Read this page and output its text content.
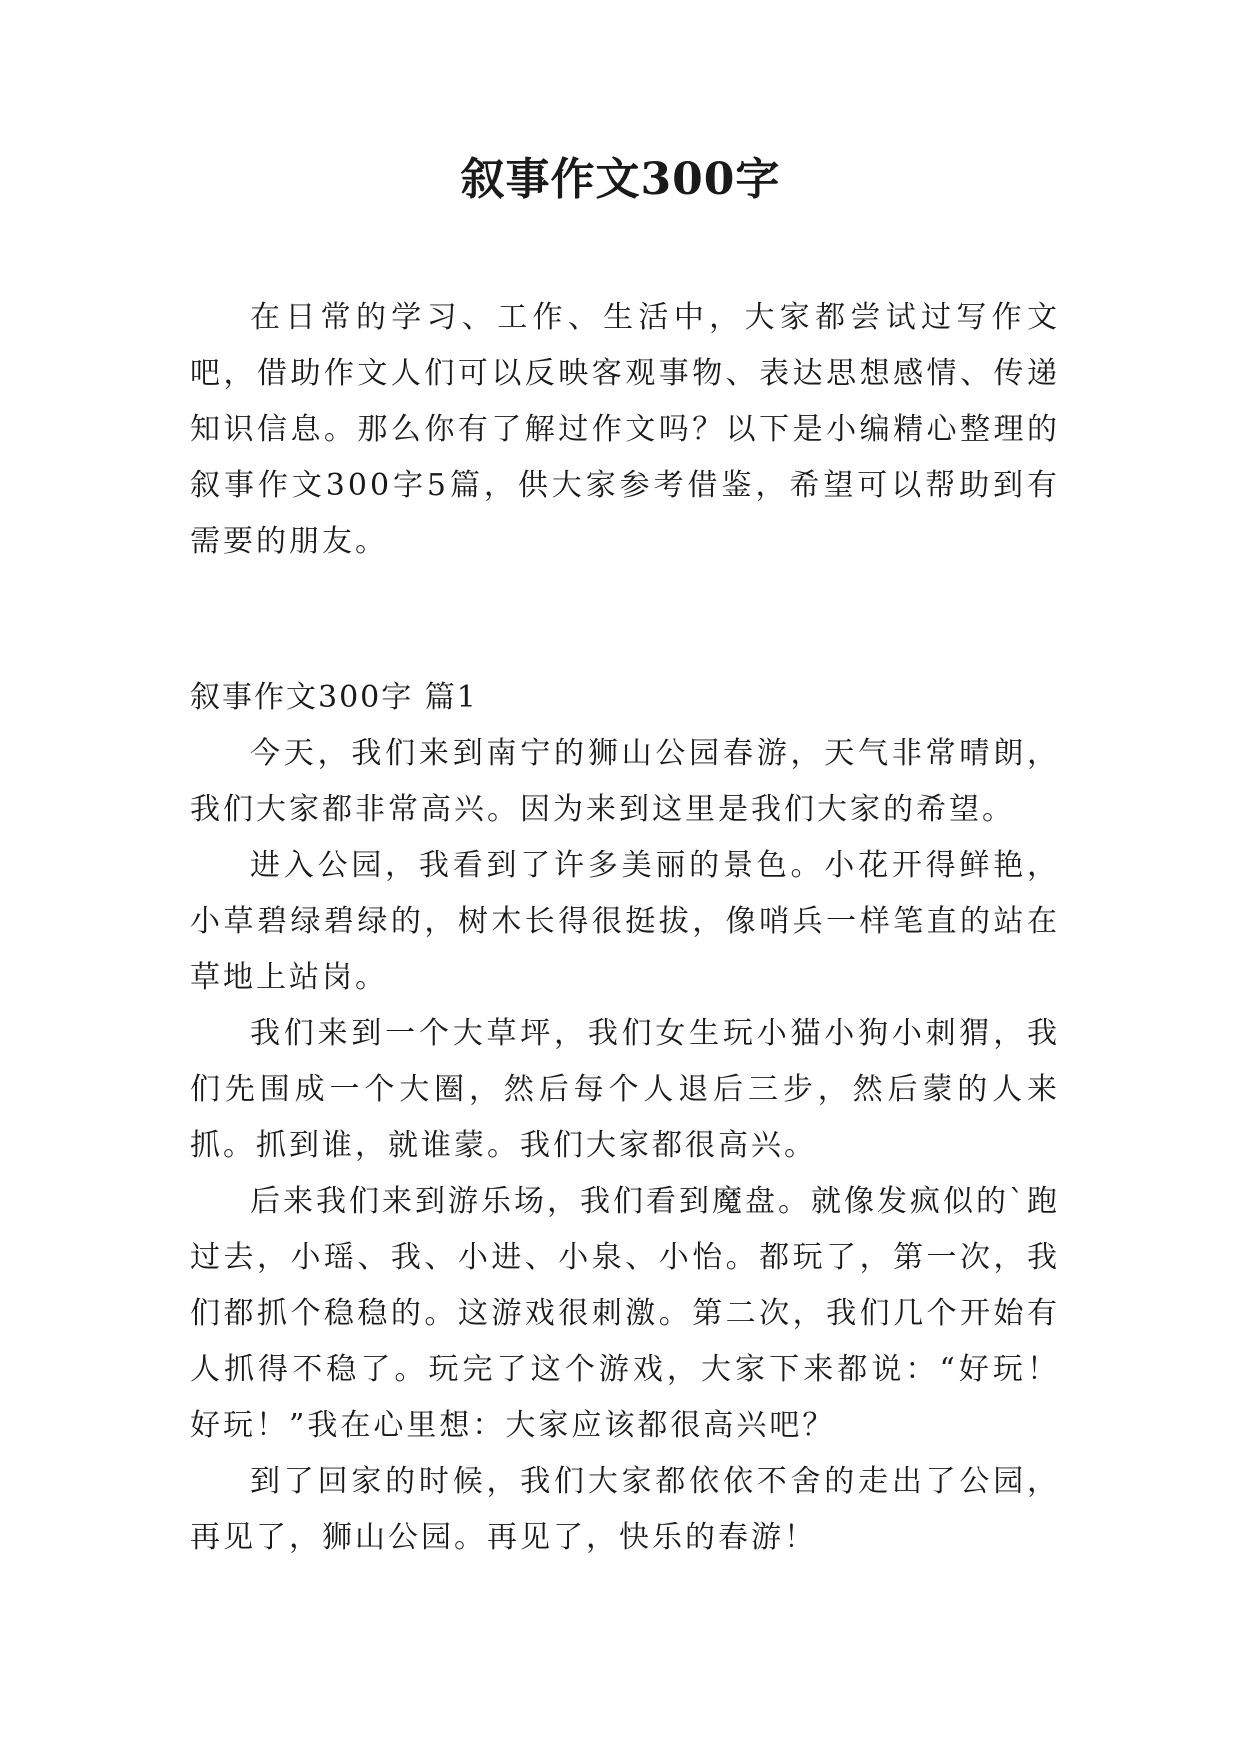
叙事作文300字

在日常的学习、工作、生活中，大家都尝试过写作文吧，借助作文人们可以反映客观事物、表达思想感情、传递知识信息。那么你有了解过作文吗？以下是小编精心整理的叙事作文300字5篇，供大家参考借鉴，希望可以帮助到有需要的朋友。

叙事作文300字 篇1

今天，我们来到南宁的狮山公园春游，天气非常晴朗，我们大家都非常高兴。因为来到这里是我们大家的希望。

进入公园，我看到了许多美丽的景色。小花开得鲜艳，小草碧绿碧绿的，树木长得很挺拔，像哨兵一样笔直的站在草地上站岗。

我们来到一个大草坪，我们女生玩小猫小狗小刺猬，我们先围成一个大圈，然后每个人退后三步，然后蒙的人来抓。抓到谁，就谁蒙。我们大家都很高兴。

后来我们来到游乐场，我们看到魔盘。就像发疯似的`跑过去，小瑶、我、小进、小泉、小怡。都玩了，第一次，我们都抓个稳稳的。这游戏很刺激。第二次，我们几个开始有人抓得不稳了。玩完了这个游戏，大家下来都说：“好玩！好玩！”我在心里想：大家应该都很高兴吧？

到了回家的时候，我们大家都依依不舍的走出了公园，再见了，狮山公园。再见了，快乐的春游！
